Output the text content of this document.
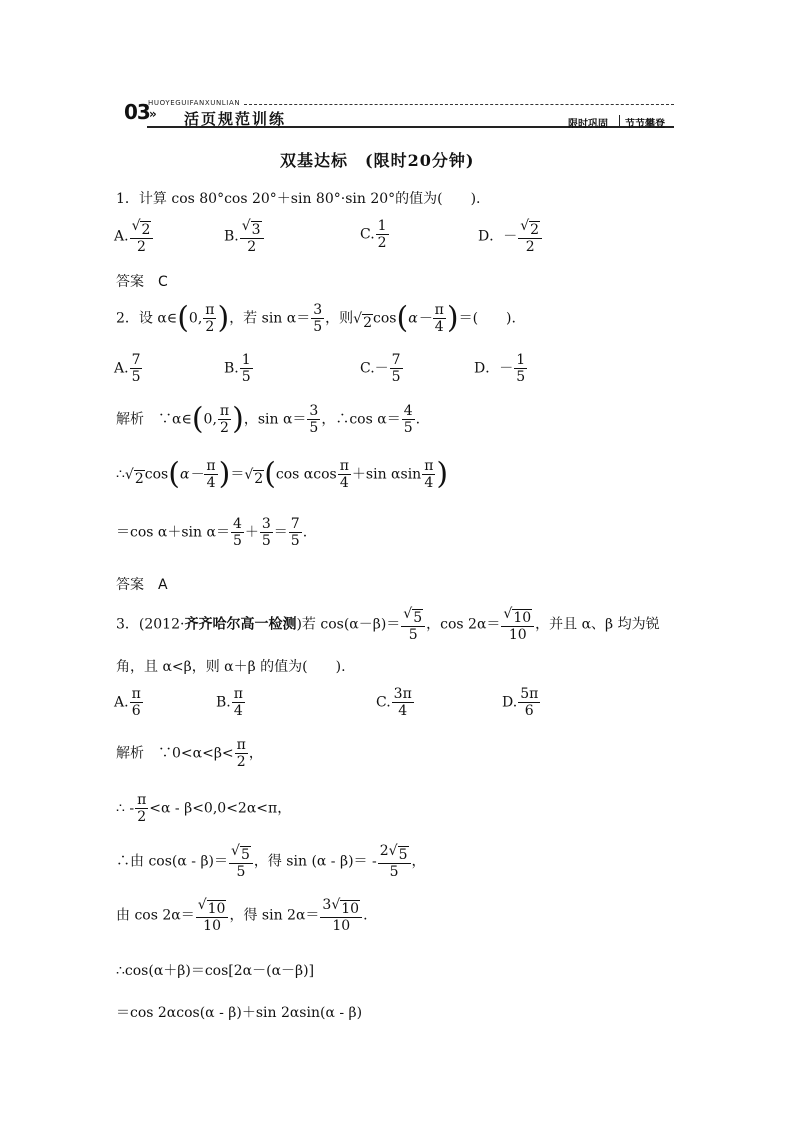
03
HUOYEGUIFANXUNLIAN
» 活页规范训练	限时巩固 节节攀登
双基达标　(限时20分钟)
1．计算 cos 80°cos 20°＋sin 80°·sin 20°的值为(　　).
A. $\frac{√ 2}{2}$	B. $\frac{√ 3}{2}$	C. $\frac{1}{2}$	D．－ $\frac{√ 2}{2}$
答案　C
2．设 α∈(0, $\frac{\pi}{2}$ )，若 $\sin \alpha= \frac{3}{5}$ ，则 √ 2 $\cos(\alpha- \frac{\pi}{4}$ )＝(　　).
A. $\frac{7}{5}$	B. $\frac{1}{5}$	$C.- \frac{7}{5}$	D．－ $\frac{1}{5}$
解析　 ∵α∈(0, $\frac{\pi}{2}$ )，$\sin \alpha= \frac{3}{5}$ ，∴cos $\alpha= \frac{4}{5}$ .
∴ √ 2 $\cos(\alpha- \frac{\pi}{4}$ )＝ √ 2 (cos αcos $\frac{\pi}{4} +\sin$ αsin $\frac{\pi}{4}$ )
＝cos α＋sin $\alpha= \frac{4}{5} + \frac{3}{5} = \frac{7}{5}$ .
答案　A
3．(2012·齐齐哈尔高一检测)若 $\cos(\alpha-\beta)= \frac{√ 5}{5}$ ，$\cos 2\alpha= \frac{√ 10}{10}$ ，并且 α、β 均为锐
角，且 α<β，则 α＋β 的值为(　　).
A. $\frac{\pi}{6}$	B. $\frac{\pi}{4}$	C. $\frac{3\pi}{4}$	D. $\frac{5\pi}{6}$
解析　 ∵0<α<β< $\frac{\pi}{2}$ ，
∴ - $\frac{\pi}{2} <\alpha - \beta<0,0<2\alpha<\pi$，
∴由 $\cos(\alpha - \beta)= \frac{√ 5}{5}$ ，得 $\sin (\alpha - \beta)= - \frac{2 √ 5}{5}$ ，
由 $\cos 2\alpha= \frac{√ 10}{10}$ ，得 $\sin 2\alpha= \frac{3 √ 10}{10}$ .
∴cos(α＋β)＝cos[2α－(α－β)]
＝cos 2αcos(α - β)＋sin 2αsin(α - β)
